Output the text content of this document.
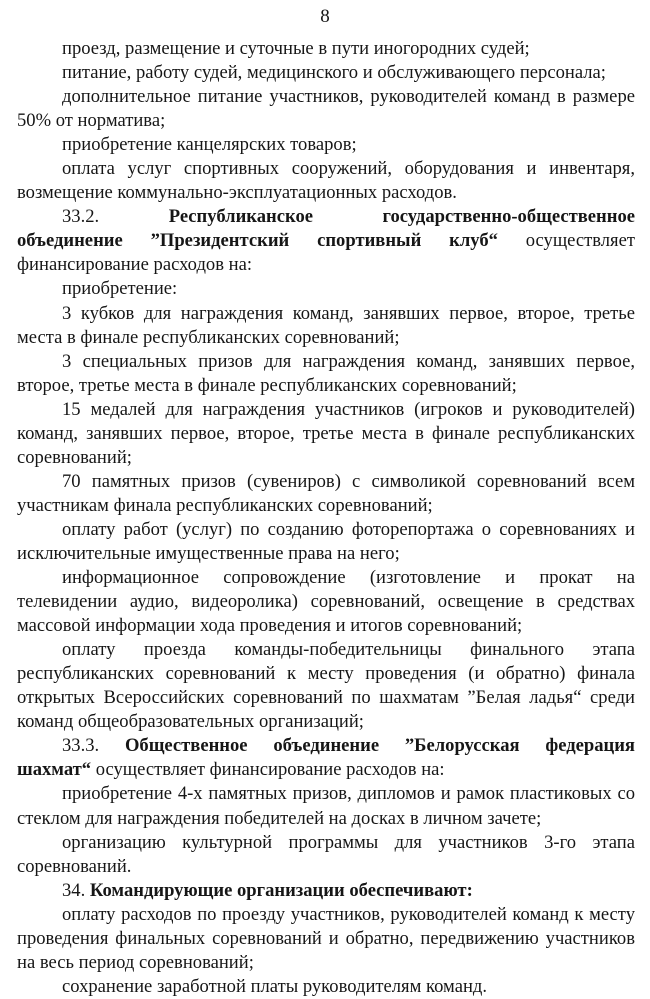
8

проезд, размещение и суточные в пути иногородних судей;

питание, работу судей, медицинского и обслуживающего персонала;

дополнительное питание участников, руководителей команд в размере 50% от норматива;

приобретение канцелярских товаров;

оплата услуг спортивных сооружений, оборудования и инвентаря, возмещение коммунально-эксплуатационных расходов.

33.2.	Республиканское государственно-общественное
объединение ”Президентский спортивный клуб“ осуществляет финансирование расходов на:

приобретение:

3 кубков для награждения команд, занявших первое, второе, третье места в финале республиканских соревнований;

3 специальных призов для награждения команд, занявших первое, второе, третье места в финале республиканских соревнований;

15 медалей для награждения участников (игроков и руководителей) команд, занявших первое, второе, третье места в финале республиканских соревнований;

70 памятных призов (сувениров) с символикой соревнований всем участникам финала республиканских соревнований;

оплату работ (услуг) по созданию фоторепортажа о соревнованиях и исключительные имущественные права на него;

информационное сопровождение (изготовление и прокат на телевидении аудио, видеоролика) соревнований, освещение в средствах массовой информации хода проведения и итогов соревнований;

оплату проезда команды-победительницы финального этапа республиканских соревнований к месту проведения (и обратно) финала открытых Всероссийских соревнований по шахматам ”Белая ладья“ среди команд общеобразовательных организаций;

33.3. Общественное объединение ”Белорусская федерация
шахмат“ осуществляет финансирование расходов на:

приобретение 4-х памятных призов, дипломов и рамок пластиковых со стеклом для награждения победителей на досках в личном зачете;

организацию культурной программы для участников 3-го этапа соревнований.

34. Командирующие организации обеспечивают:

оплату расходов по проезду участников, руководителей команд к месту проведения финальных соревнований и обратно, передвижению участников на весь период соревнований;

сохранение заработной платы руководителям команд.
